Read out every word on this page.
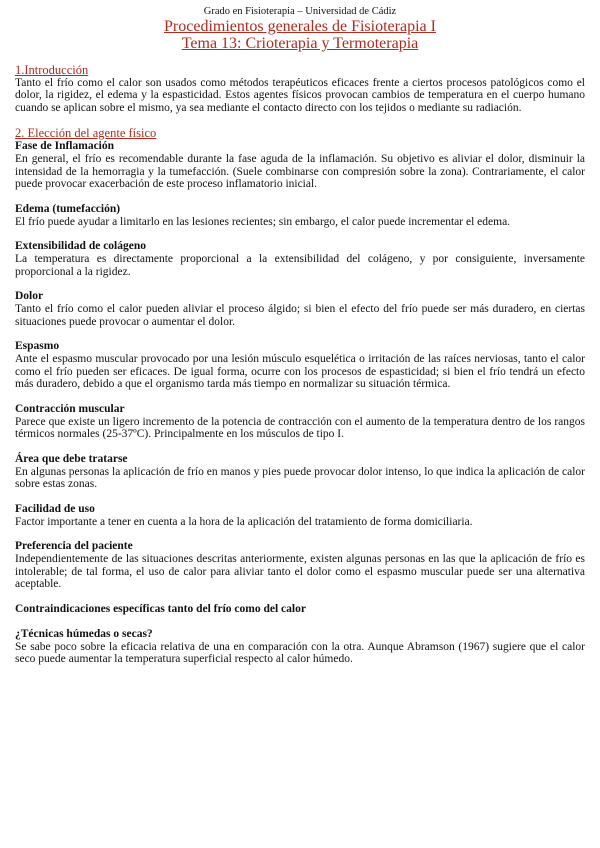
Grado en Fisioterapia – Universidad de Cádiz
Procedimientos generales de Fisioterapia I
Tema 13: Crioterapia y Termoterapia
1.Introducción

Tanto el frío como el calor son usados como métodos terapéuticos eficaces frente a ciertos procesos patológicos como el dolor, la rigidez, el edema y la espasticidad. Estos agentes físicos provocan cambios de temperatura en el cuerpo humano cuando se aplican sobre el mismo, ya sea mediante el contacto directo con los tejidos o mediante su radiación.

2. Elección del agente físico
Fase de Inflamación

En general, el frío es recomendable durante la fase aguda de la inflamación. Su objetivo es aliviar el dolor, disminuir la intensidad de la hemorragia y la tumefacción. (Suele combinarse con compresión sobre la zona). Contrariamente, el calor puede provocar exacerbación de este proceso inflamatorio inicial.

Edema (tumefacción)

El frío puede ayudar a limitarlo en las lesiones recientes; sin embargo, el calor puede incrementar el edema.

Extensibilidad de colágeno

La temperatura es directamente proporcional a la extensibilidad del colágeno, y por consiguiente, inversamente proporcional a la rigidez.

Dolor

Tanto el frío como el calor pueden aliviar el proceso álgido; si bien el efecto del frío puede ser más duradero, en ciertas situaciones puede provocar o aumentar el dolor.

Espasmo

Ante el espasmo muscular provocado por una lesión músculo esquelética o irritación de las raíces nerviosas, tanto el calor como el frío pueden ser eficaces. De igual forma, ocurre con los procesos de espasticidad; si bien el frío tendrá un efecto más duradero, debido a que el organismo tarda más tiempo en normalizar su situación térmica.

Contracción muscular

Parece que existe un ligero incremento de la potencia de contracción con el aumento de la temperatura dentro de los rangos térmicos normales (25-37ºC). Principalmente en los músculos de tipo I.

Área que debe tratarse

En algunas personas la aplicación de frío en manos y pies puede provocar dolor intenso, lo que indica la aplicación de calor sobre estas zonas.

Facilidad de uso

Factor importante a tener en cuenta a la hora de la aplicación del tratamiento de forma domiciliaria.

Preferencia del paciente

Independientemente de las situaciones descritas anteriormente, existen algunas personas en las que la aplicación de frío es intolerable; de tal forma, el uso de calor para aliviar tanto el dolor como el espasmo muscular puede ser una alternativa aceptable.

Contraindicaciones específicas tanto del frío como del calor
¿Técnicas húmedas o secas?

Se sabe poco sobre la eficacia relativa de una en comparación con la otra. Aunque Abramson (1967) sugiere que el calor seco puede aumentar la temperatura superficial respecto al calor húmedo.
